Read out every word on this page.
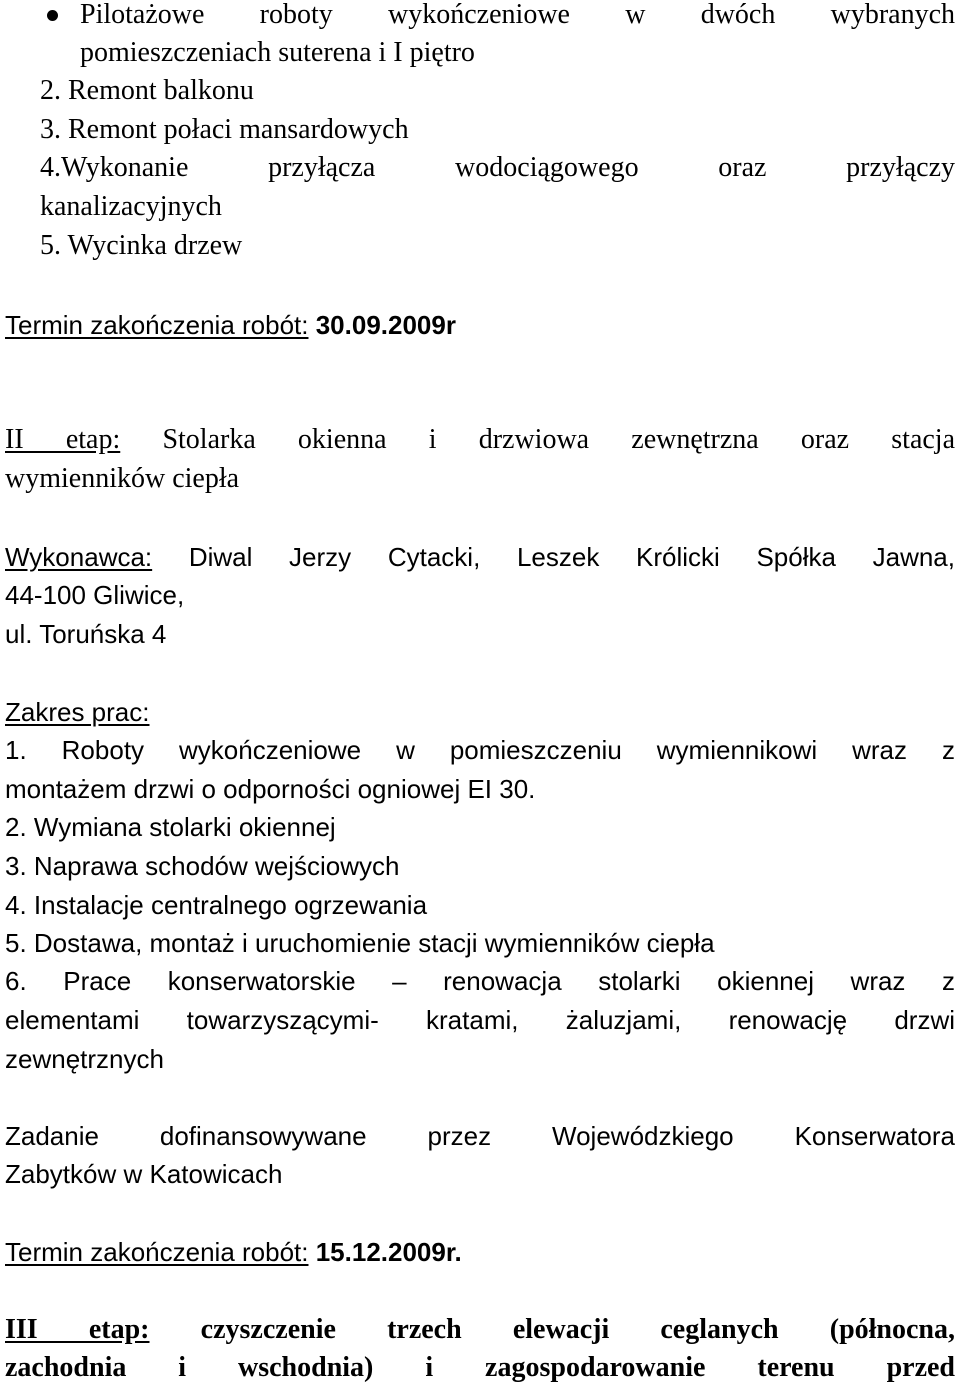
Pilotażowe roboty wykończeniowe w dwóch wybranych
pomieszczeniach suterena i I piętro
2. Remont balkonu
3. Remont połaci mansardowych
4.Wykonanie przyłącza wodociągowego oraz przyłączy
kanalizacyjnych
5. Wycinka drzew
Termin zakończenia robót: 30.09.2009r
II etap: Stolarka okienna i drzwiowa zewnętrzna oraz stacja
wymienników ciepła
Wykonawca: Diwal Jerzy Cytacki, Leszek Królicki Spółka Jawna,
44-100 Gliwice,
ul. Toruńska 4
Zakres prac:
1. Roboty wykończeniowe w pomieszczeniu wymiennikowi wraz z
montażem drzwi o odporności ogniowej EI 30.
2. Wymiana stolarki okiennej
3. Naprawa schodów wejściowych
4. Instalacje centralnego ogrzewania
5. Dostawa, montaż i uruchomienie stacji wymienników ciepła
6. Prace konserwatorskie – renowacja stolarki okiennej wraz z
elementami towarzyszącymi- kratami, żaluzjami, renowację drzwi
zewnętrznych
Zadanie dofinansowywane przez Wojewódzkiego Konserwatora
Zabytków w Katowicach
Termin zakończenia robót: 15.12.2009r.
III etap: czyszczenie trzech elewacji ceglanych (północna,
zachodnia i wschodnia) i zagospodarowanie terenu przed
